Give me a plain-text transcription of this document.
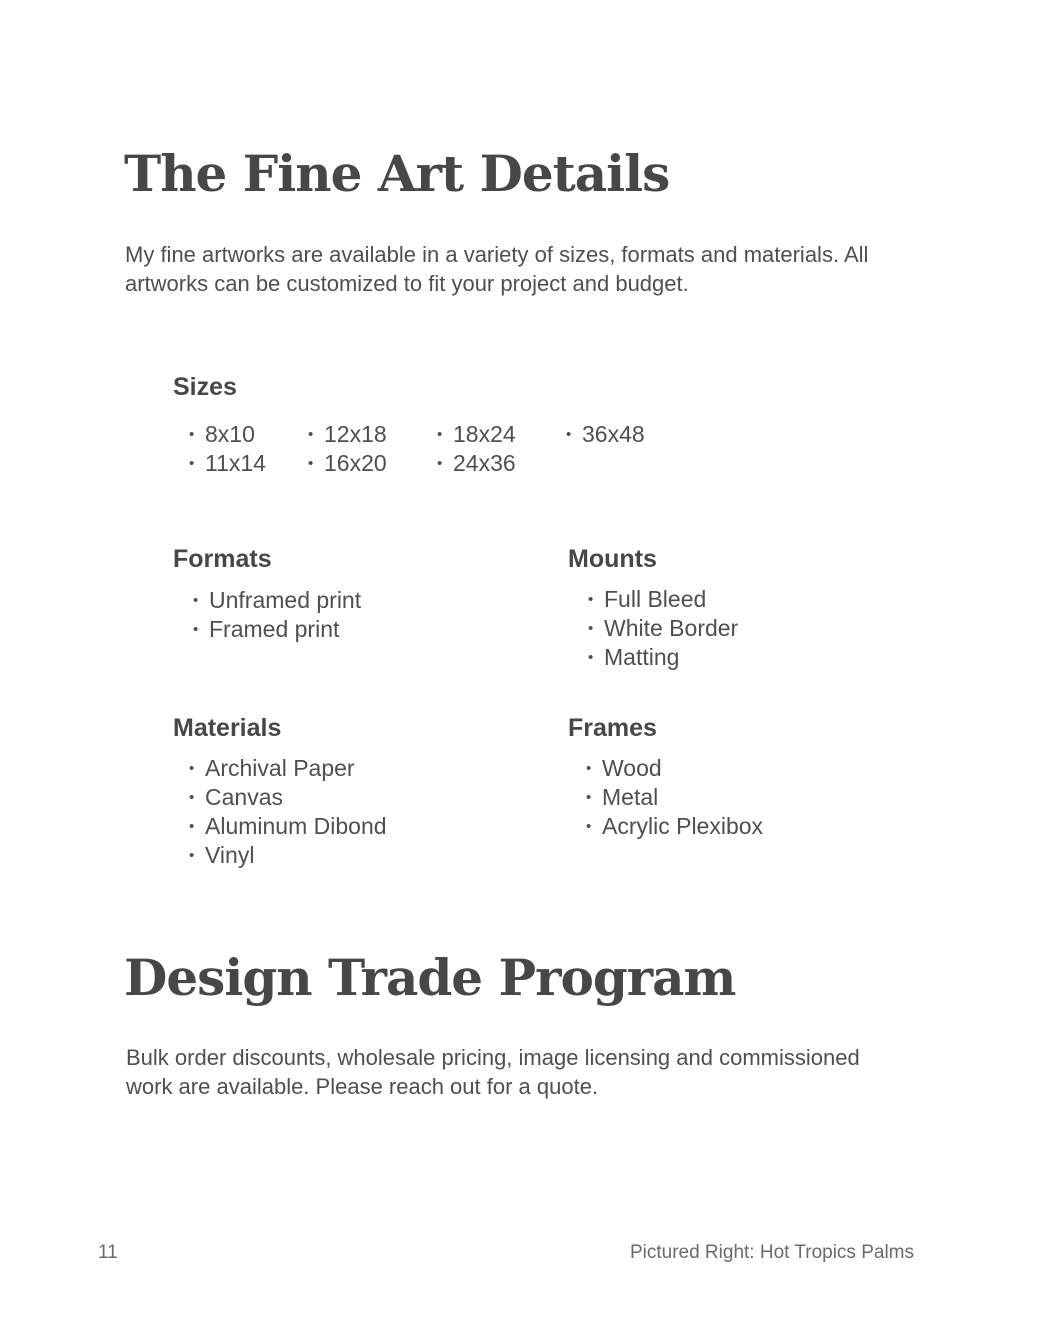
The Fine Art Details

My fine artworks are available in a variety of sizes, formats and materials. All artworks can be customized to fit your project and budget.

Sizes
• 8x10
• 11x14
• 12x18
• 16x20
• 18x24
• 24x36
• 36x48
Formats
• Unframed print
• Framed print
Mounts
• Full Bleed
• White Border
• Matting
Materials
• Archival Paper
• Canvas
• Aluminum Dibond
• Vinyl
Frames
• Wood
• Metal
• Acrylic Plexibox
Design Trade Program

Bulk order discounts, wholesale pricing, image licensing and commissioned work are available. Please reach out for a quote.

11	Pictured Right: Hot Tropics Palms
